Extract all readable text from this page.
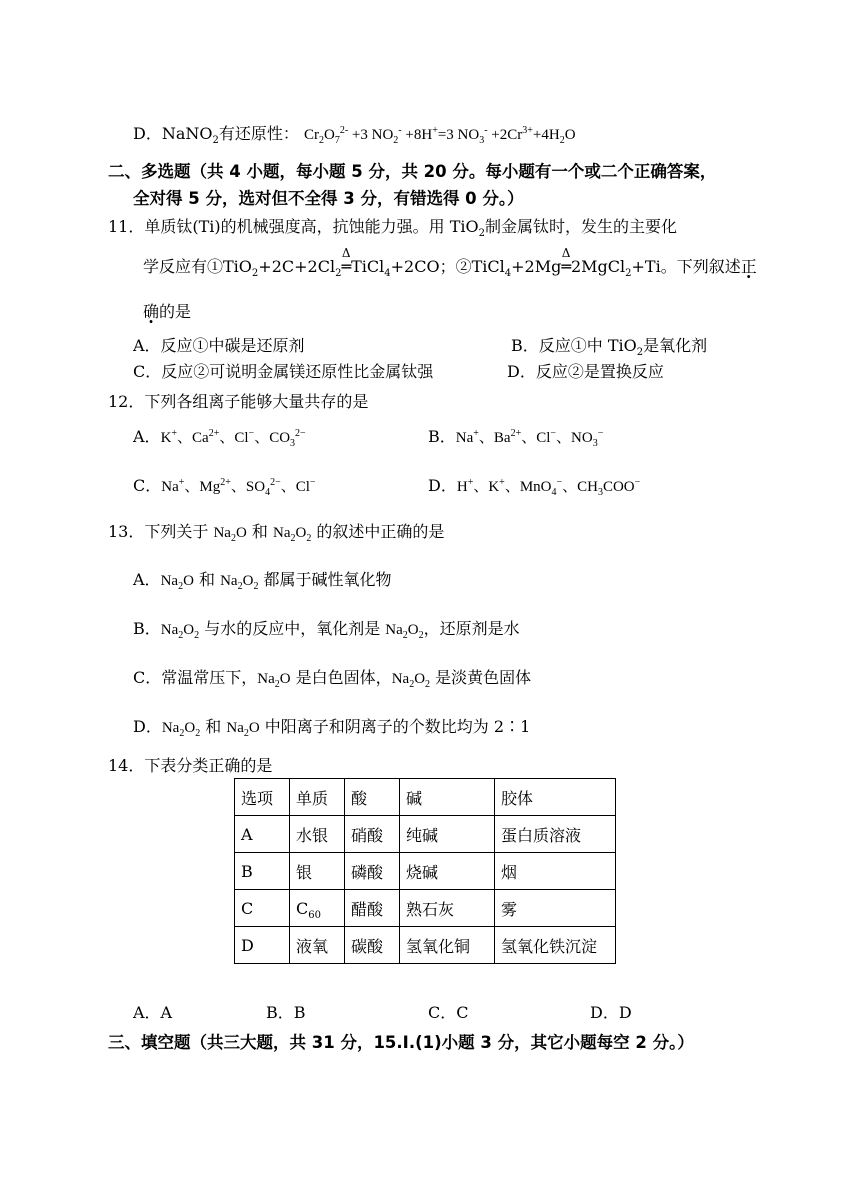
D．NaNO$_2$有还原性： $Cr_2O_7^{2-} +3$ $NO_2^- +8H^+=3$ $NO_3^- +2Cr^{3+}+4H_2O$
二、多选题（共 4 小题，每小题 5 分，共 20 分。每小题有一个或二个正确答案，
全对得 5 分，选对但不全得 3 分，有错选得 0 分。）
11．单质钛(Ti)的机械强度高，抗蚀能力强。用 TiO$_2$制金属钛时，发生的主要化
学反应有$①TiO_2+2C+2Cl_2\Delta$ ═TiCl$_4$+2CO；②TiCl$_4$+2MgΔ ═2MgCl$_2$+Ti。下列叙述正
确的是
A．反应①中碳是还原剂	B．反应①中 TiO$_2$是氧化剂
C．反应②可说明金属镁还原性比金属钛强	D．反应②是置换反应
12．下列各组离子能够大量共存的是
A．K+、$Ca^{2+}$、Cl−、$CO_3^{2-}$	B．Na+、$Ba^{2+}$、Cl−、$NO_3^-$
C．Na+、$Mg^{2+}$、$SO_4^{2-}$、Cl−	D．H+、K+、MnO$_4$−、$CH_3COO^-$
13．下列关于 $Na_2O$ 和 $Na_2O_2$ 的叙述中正确的是
A．$Na_2O$ 和 $Na_2O_2$ 都属于碱性氧化物
B．$Na_2O_2$ 与水的反应中，氧化剂是 $Na_2O_2$，还原剂是水
C．常温常压下，$Na_2O$ 是白色固体，$Na_2O_2$ 是淡黄色固体
D．$Na_2O_2$ 和 $Na_2O$ 中阳离子和阴离子的个数比均为 2∶1
14．下表分类正确的是
选项	单质	酸	碱	胶体
A	水银	硝酸	纯碱	蛋白质溶液
B	银	磷酸	烧碱	烟
C	$C_{60}$	醋酸	熟石灰	雾
D	液氧	碳酸	氢氧化铜	氢氧化铁沉淀
A．A	B．B	C．C	D．D
三、填空题（共三大题，共 31 分，15.Ⅰ.(1)小题 3 分，其它小题每空 2 分。）
